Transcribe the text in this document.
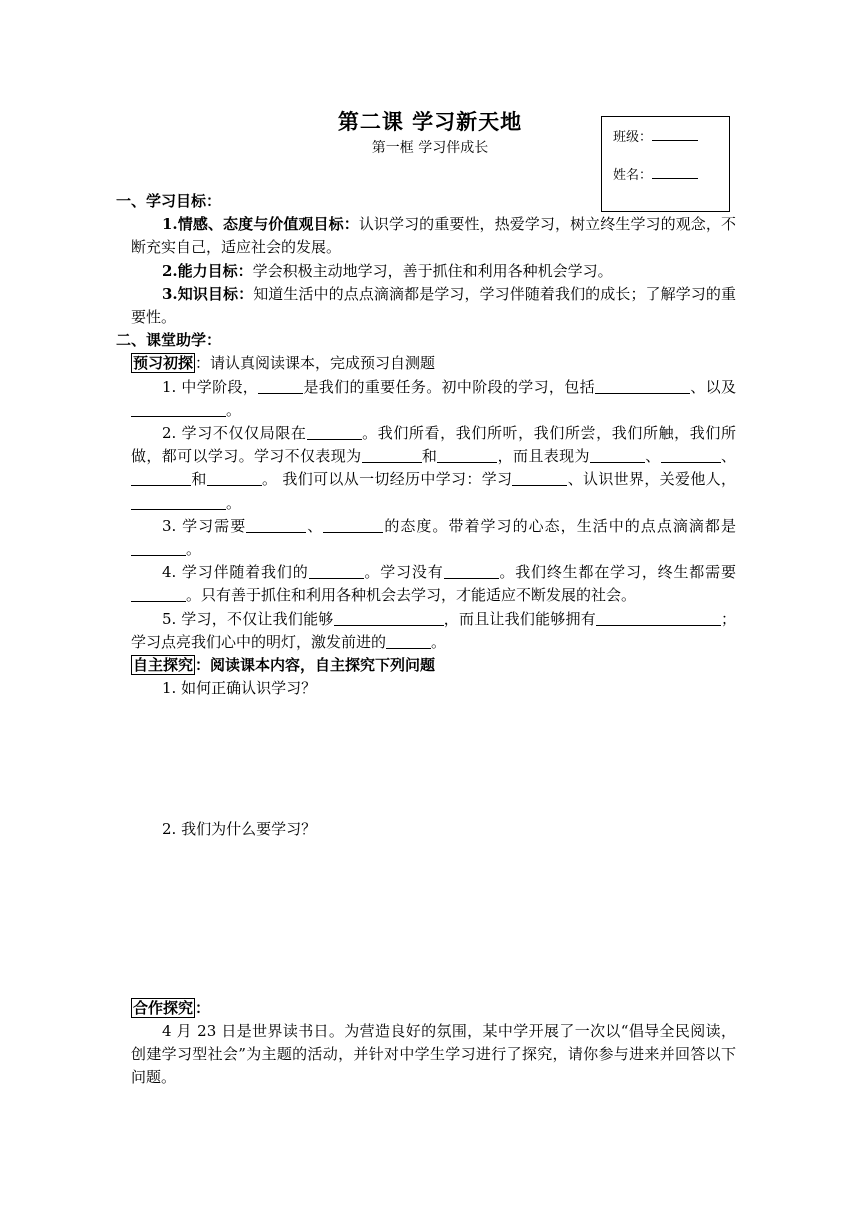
第二课 学习新天地
第一框 学习伴成长
班级：
姓名：

一、学习目标：

1.情感、态度与价值观目标：认识学习的重要性，热爱学习，树立终生学习的观念，不断充实自己，适应社会的发展。

2.能力目标：学会积极主动地学习，善于抓住和利用各种机会学习。

3.知识目标：知道生活中的点点滴滴都是学习，学习伴随着我们的成长；了解学习的重要性。

二、课堂助学：

预习初探 ：请认真阅读课本，完成预习自测题

1. 中学阶段，	是我们的重要任务。初中阶段的学习，包括	、以及。

2. 学习不仅仅局限在	。我们所看，我们所听，我们所尝，我们所触，我们所做，都可以学习。学习不仅表现为	和	，而且表现为	、	、和	。 我们可以从一切经历中学习：学习	、认识世界，关爱他人，。

3. 学习需要	、	的态度。带着学习的心态，生活中的点点滴滴都是。

4. 学习伴随着我们的	。学习没有	。我们终生都在学习，终生都需要。只有善于抓住和利用各种机会去学习，才能适应不断发展的社会。

5. 学习，不仅让我们能够	，而且让我们能够拥有	；学习点亮我们心中的明灯，激发前进的	。

自主探究 ：阅读课本内容，自主探究下列问题

1. 如何正确认识学习？

2. 我们为什么要学习？

合作探究 ：

4 月 23 日是世界读书日。为营造良好的氛围，某中学开展了一次以“倡导全民阅读，创建学习型社会”为主题的活动，并针对中学生学习进行了探究，请你参与进来并回答以下问题。
